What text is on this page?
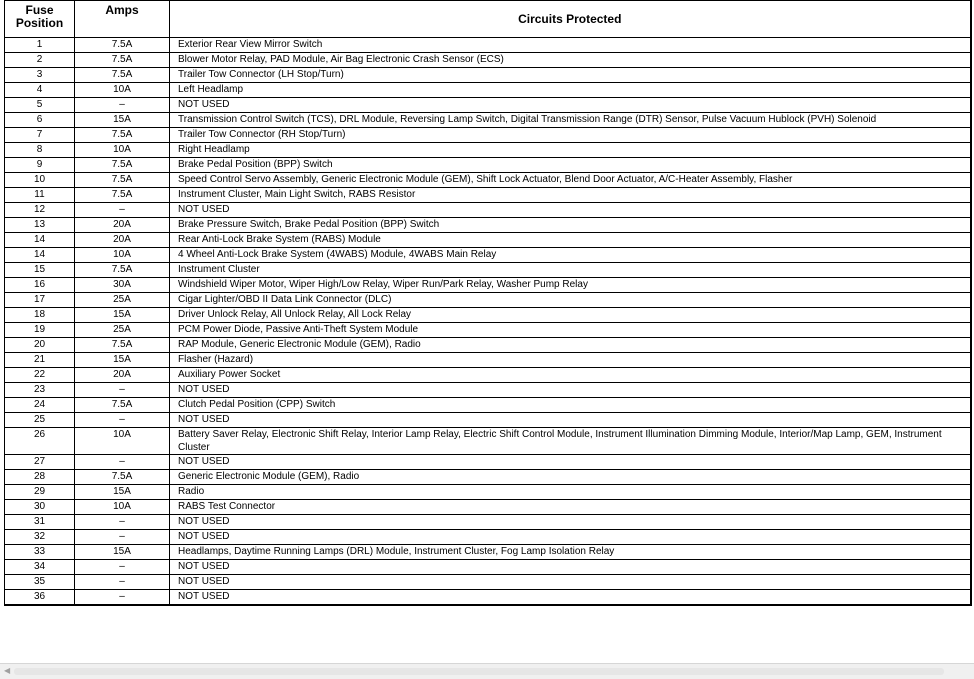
Fuse
Position	Amps	Circuits Protected
1	7.5A	Exterior Rear View Mirror Switch
2	7.5A	Blower Motor Relay, PAD Module, Air Bag Electronic Crash Sensor (ECS)
3	7.5A	Trailer Tow Connector (LH Stop/Turn)
4	10A	Left Headlamp
5	–	NOT USED
6	15A	Transmission Control Switch (TCS), DRL Module, Reversing Lamp Switch, Digital Transmission Range (DTR) Sensor, Pulse Vacuum Hublock (PVH) Solenoid
7	7.5A	Trailer Tow Connector (RH Stop/Turn)
8	10A	Right Headlamp
9	7.5A	Brake Pedal Position (BPP) Switch
10	7.5A	Speed Control Servo Assembly, Generic Electronic Module (GEM), Shift Lock Actuator, Blend Door Actuator, A/C-Heater Assembly, Flasher
11	7.5A	Instrument Cluster, Main Light Switch, RABS Resistor
12	–	NOT USED
13	20A	Brake Pressure Switch, Brake Pedal Position (BPP) Switch
14	20A	Rear Anti-Lock Brake System (RABS) Module
14	10A	4 Wheel Anti-Lock Brake System (4WABS) Module, 4WABS Main Relay
15	7.5A	Instrument Cluster
16	30A	Windshield Wiper Motor, Wiper High/Low Relay, Wiper Run/Park Relay, Washer Pump Relay
17	25A	Cigar Lighter/OBD II Data Link Connector (DLC)
18	15A	Driver Unlock Relay, All Unlock Relay, All Lock Relay
19	25A	PCM Power Diode, Passive Anti-Theft System Module
20	7.5A	RAP Module, Generic Electronic Module (GEM), Radio
21	15A	Flasher (Hazard)
22	20A	Auxiliary Power Socket
23	–	NOT USED
24	7.5A	Clutch Pedal Position (CPP) Switch
25	–	NOT USED
26	10A	Battery Saver Relay, Electronic Shift Relay, Interior Lamp Relay, Electric Shift Control Module, Instrument Illumination Dimming Module, Interior/Map Lamp, GEM, Instrument Cluster
27	–	NOT USED
28	7.5A	Generic Electronic Module (GEM), Radio
29	15A	Radio
30	10A	RABS Test Connector
31	–	NOT USED
32	–	NOT USED
33	15A	Headlamps, Daytime Running Lamps (DRL) Module, Instrument Cluster, Fog Lamp Isolation Relay
34	–	NOT USED
35	–	NOT USED
36	–	NOT USED
◀
